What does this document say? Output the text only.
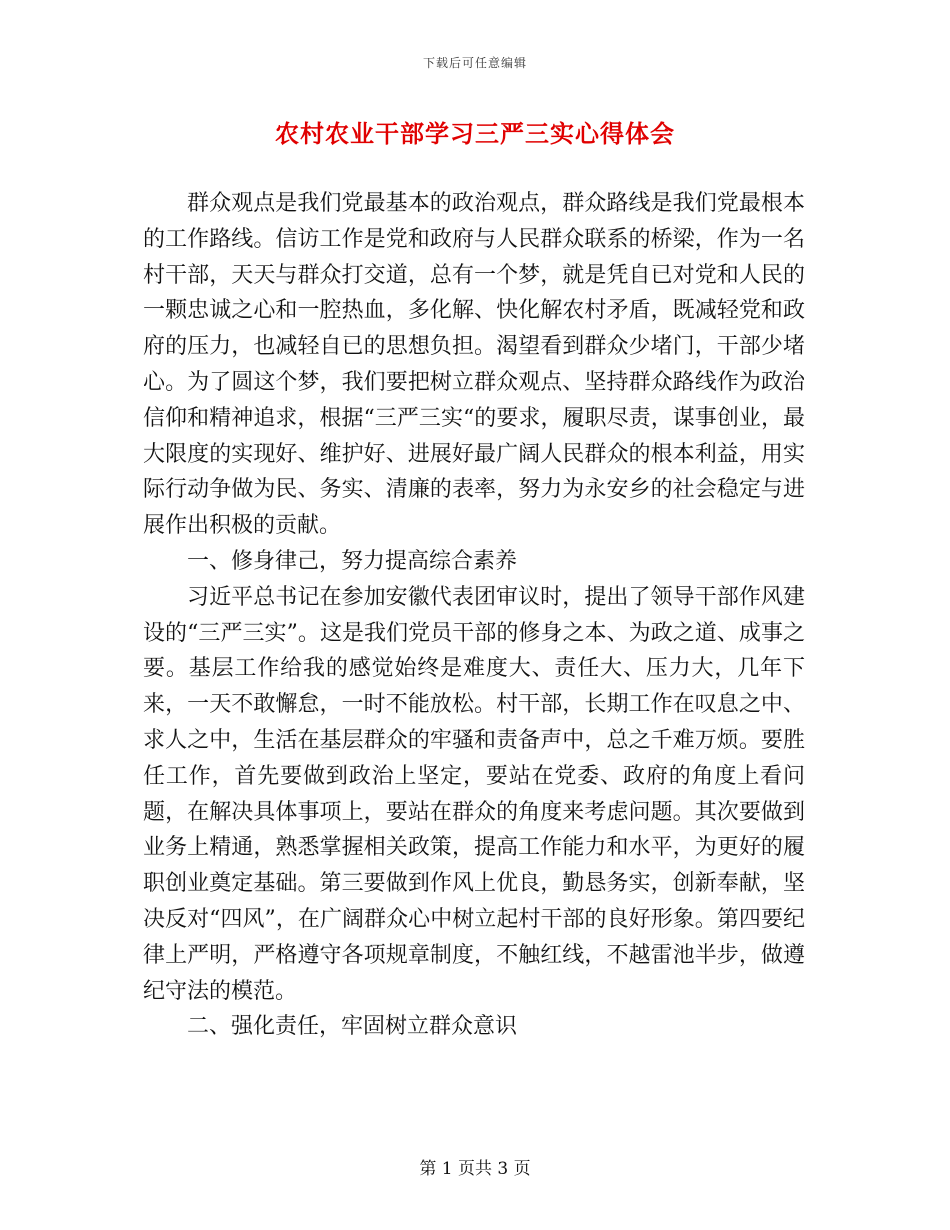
下载后可任意编辑
农村农业干部学习三严三实心得体会

群众观点是我们党最基本的政治观点，群众路线是我们党最根本的工作路线。信访工作是党和政府与人民群众联系的桥梁，作为一名村干部，天天与群众打交道，总有一个梦，就是凭自已对党和人民的一颗忠诚之心和一腔热血，多化解、快化解农村矛盾，既减轻党和政府的压力，也减轻自已的思想负担。渴望看到群众少堵门，干部少堵心。为了圆这个梦，我们要把树立群众观点、坚持群众路线作为政治信仰和精神追求，根据“三严三实“的要求，履职尽责，谋事创业，最大限度的实现好、维护好、进展好最广阔人民群众的根本利益，用实际行动争做为民、务实、清廉的表率，努力为永安乡的社会稳定与进展作出积极的贡献。

一、修身律己，努力提高综合素养

习近平总书记在参加安徽代表团审议时，提出了领导干部作风建设的“三严三实”。这是我们党员干部的修身之本、为政之道、成事之要。基层工作给我的感觉始终是难度大、责任大、压力大，几年下来，一天不敢懈怠，一时不能放松。村干部，长期工作在叹息之中、求人之中，生活在基层群众的牢骚和责备声中，总之千难万烦。要胜任工作，首先要做到政治上坚定，要站在党委、政府的角度上看问题，在解决具体事项上，要站在群众的角度来考虑问题。其次要做到业务上精通，熟悉掌握相关政策，提高工作能力和水平，为更好的履职创业奠定基础。第三要做到作风上优良，勤恳务实，创新奉献，坚决反对“四风”，在广阔群众心中树立起村干部的良好形象。第四要纪律上严明，严格遵守各项规章制度，不触红线，不越雷池半步，做遵纪守法的模范。

二、强化责任，牢固树立群众意识

第 1 页共 3 页
